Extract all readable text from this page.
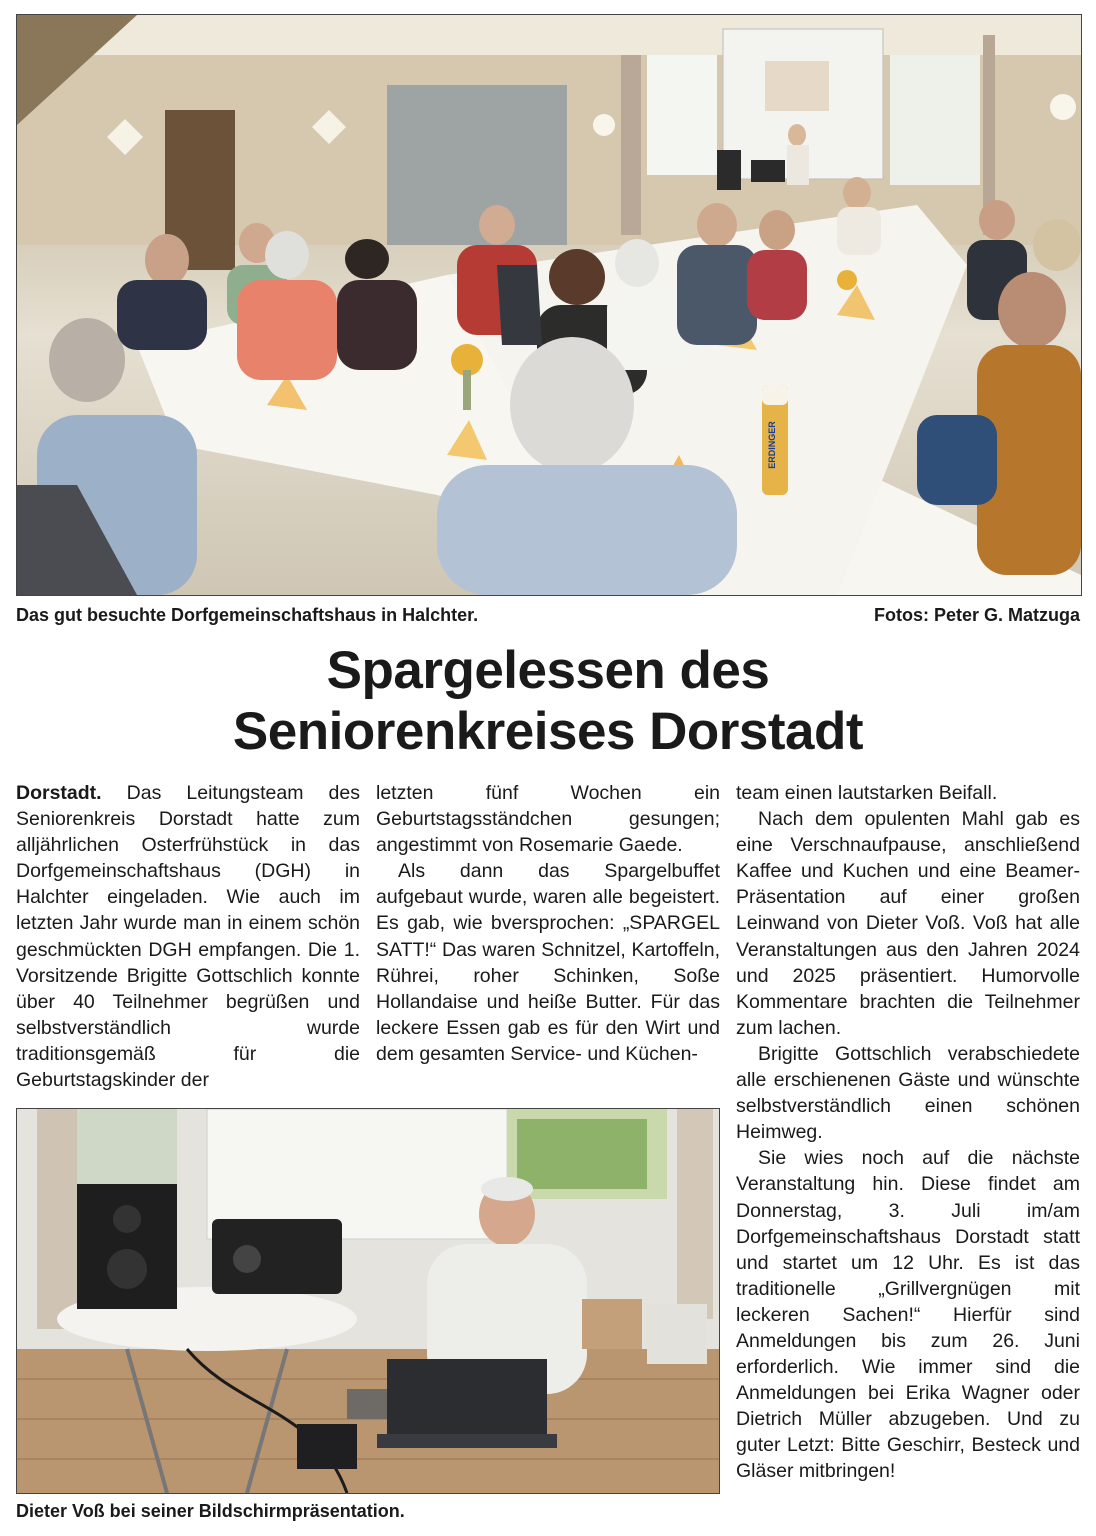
ERDINGER
Das gut besuchte Dorfgemeinschaftshaus in Halchter.	Fotos: Peter G. Matzuga
Spargelessen des
Seniorenkreises Dorstadt

Dorstadt. Das Leitungsteam des Seniorenkreis Dorstadt hatte zum alljährlichen Osterfrühstück in das Dorfgemeinschaftshaus (DGH) in Halchter eingeladen. Wie auch im letzten Jahr wurde man in einem schön geschmückten DGH empfangen. Die 1. Vorsitzende Brigitte Gottschlich konnte über 40 Teilnehmer begrüßen und selbstverständlich wurde traditionsgemäß für die Geburtstagskinder der

letzten fünf Wochen ein Geburtstagsständchen gesungen; angestimmt von Rosemarie Gaede.

Als dann das Spargelbuffet aufgebaut wurde, waren alle begeistert. Es gab, wie bversprochen: „SPARGEL SATT!“ Das waren Schnitzel, Kartoffeln, Rührei, roher Schinken, Soße Hollandaise und heiße Butter. Für das leckere Essen gab es für den Wirt und dem gesamten Service- und Küchen-

team einen lautstarken Beifall.

Nach dem opulenten Mahl gab es eine Verschnaufpause, anschließend Kaffee und Kuchen und eine Beamer-Präsentation auf einer großen Leinwand von Dieter Voß. Voß hat alle Veranstaltungen aus den Jahren 2024 und 2025 präsentiert. Humorvolle Kommentare brachten die Teilnehmer zum lachen.

Brigitte Gottschlich verabschiedete alle erschienenen Gäste und wünschte selbstverständlich einen schönen Heimweg.

Sie wies noch auf die nächste Veranstaltung hin. Diese findet am Donnerstag, 3. Juli im/am Dorfgemeinschaftshaus Dorstadt statt und startet um 12 Uhr. Es ist das traditionelle „Grillvergnügen mit leckeren Sachen!“ Hierfür sind Anmeldungen bis zum 26. Juni erforderlich. Wie immer sind die Anmeldungen bei Erika Wagner oder Dietrich Müller abzugeben. Und zu guter Letzt: Bitte Geschirr, Besteck und Gläser mitbringen!

Dieter Voß bei seiner Bildschirmpräsentation.
